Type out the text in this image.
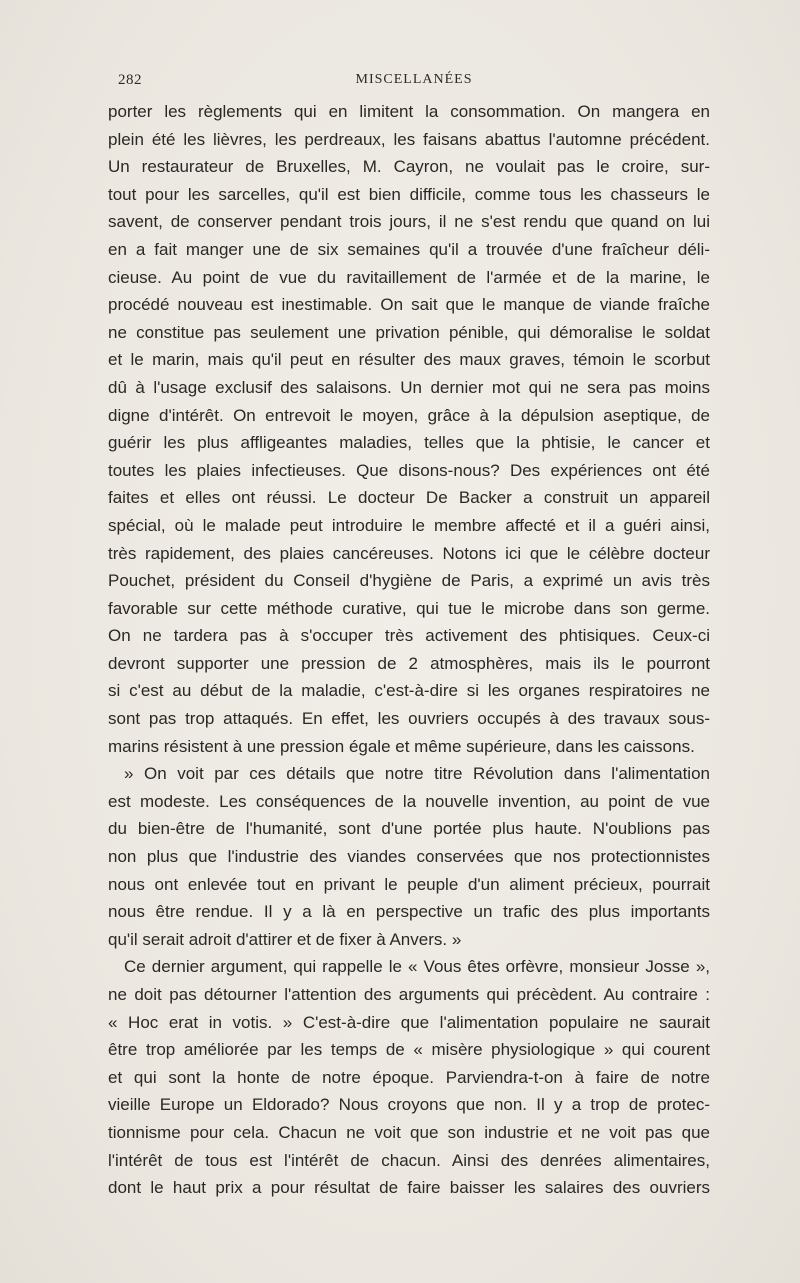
282	MISCELLANÉES
porter les règlements qui en limitent la consommation. On mangera en
plein été les lièvres, les perdreaux, les faisans abattus l'automne précédent.
Un restaurateur de Bruxelles, M. Cayron, ne voulait pas le croire, sur-
tout pour les sarcelles, qu'il est bien difficile, comme tous les chasseurs le
savent, de conserver pendant trois jours, il ne s'est rendu que quand on lui
en a fait manger une de six semaines qu'il a trouvée d'une fraîcheur déli-
cieuse. Au point de vue du ravitaillement de l'armée et de la marine, le
procédé nouveau est inestimable. On sait que le manque de viande fraîche
ne constitue pas seulement une privation pénible, qui démoralise le soldat
et le marin, mais qu'il peut en résulter des maux graves, témoin le scorbut
dû à l'usage exclusif des salaisons. Un dernier mot qui ne sera pas moins
digne d'intérêt. On entrevoit le moyen, grâce à la dépulsion aseptique, de
guérir les plus affligeantes maladies, telles que la phtisie, le cancer et
toutes les plaies infectieuses. Que disons-nous? Des expériences ont été
faites et elles ont réussi. Le docteur De Backer a construit un appareil
spécial, où le malade peut introduire le membre affecté et il a guéri ainsi,
très rapidement, des plaies cancéreuses. Notons ici que le célèbre docteur
Pouchet, président du Conseil d'hygiène de Paris, a exprimé un avis très
favorable sur cette méthode curative, qui tue le microbe dans son germe.
On ne tardera pas à s'occuper très activement des phtisiques. Ceux-ci
devront supporter une pression de 2 atmosphères, mais ils le pourront
si c'est au début de la maladie, c'est-à-dire si les organes respiratoires ne
sont pas trop attaqués. En effet, les ouvriers occupés à des travaux sous-
marins résistent à une pression égale et même supérieure, dans les caissons.
» On voit par ces détails que notre titre Révolution dans l'alimentation
est modeste. Les conséquences de la nouvelle invention, au point de vue
du bien-être de l'humanité, sont d'une portée plus haute. N'oublions pas
non plus que l'industrie des viandes conservées que nos protectionnistes
nous ont enlevée tout en privant le peuple d'un aliment précieux, pourrait
nous être rendue. Il y a là en perspective un trafic des plus importants
qu'il serait adroit d'attirer et de fixer à Anvers. »
Ce dernier argument, qui rappelle le « Vous êtes orfèvre, monsieur Josse »,
ne doit pas détourner l'attention des arguments qui précèdent. Au contraire :
« Hoc erat in votis. » C'est-à-dire que l'alimentation populaire ne saurait
être trop améliorée par les temps de « misère physiologique » qui courent
et qui sont la honte de notre époque. Parviendra-t-on à faire de notre
vieille Europe un Eldorado? Nous croyons que non. Il y a trop de protec-
tionnisme pour cela. Chacun ne voit que son industrie et ne voit pas que
l'intérêt de tous est l'intérêt de chacun. Ainsi des denrées alimentaires,
dont le haut prix a pour résultat de faire baisser les salaires des ouvriers
